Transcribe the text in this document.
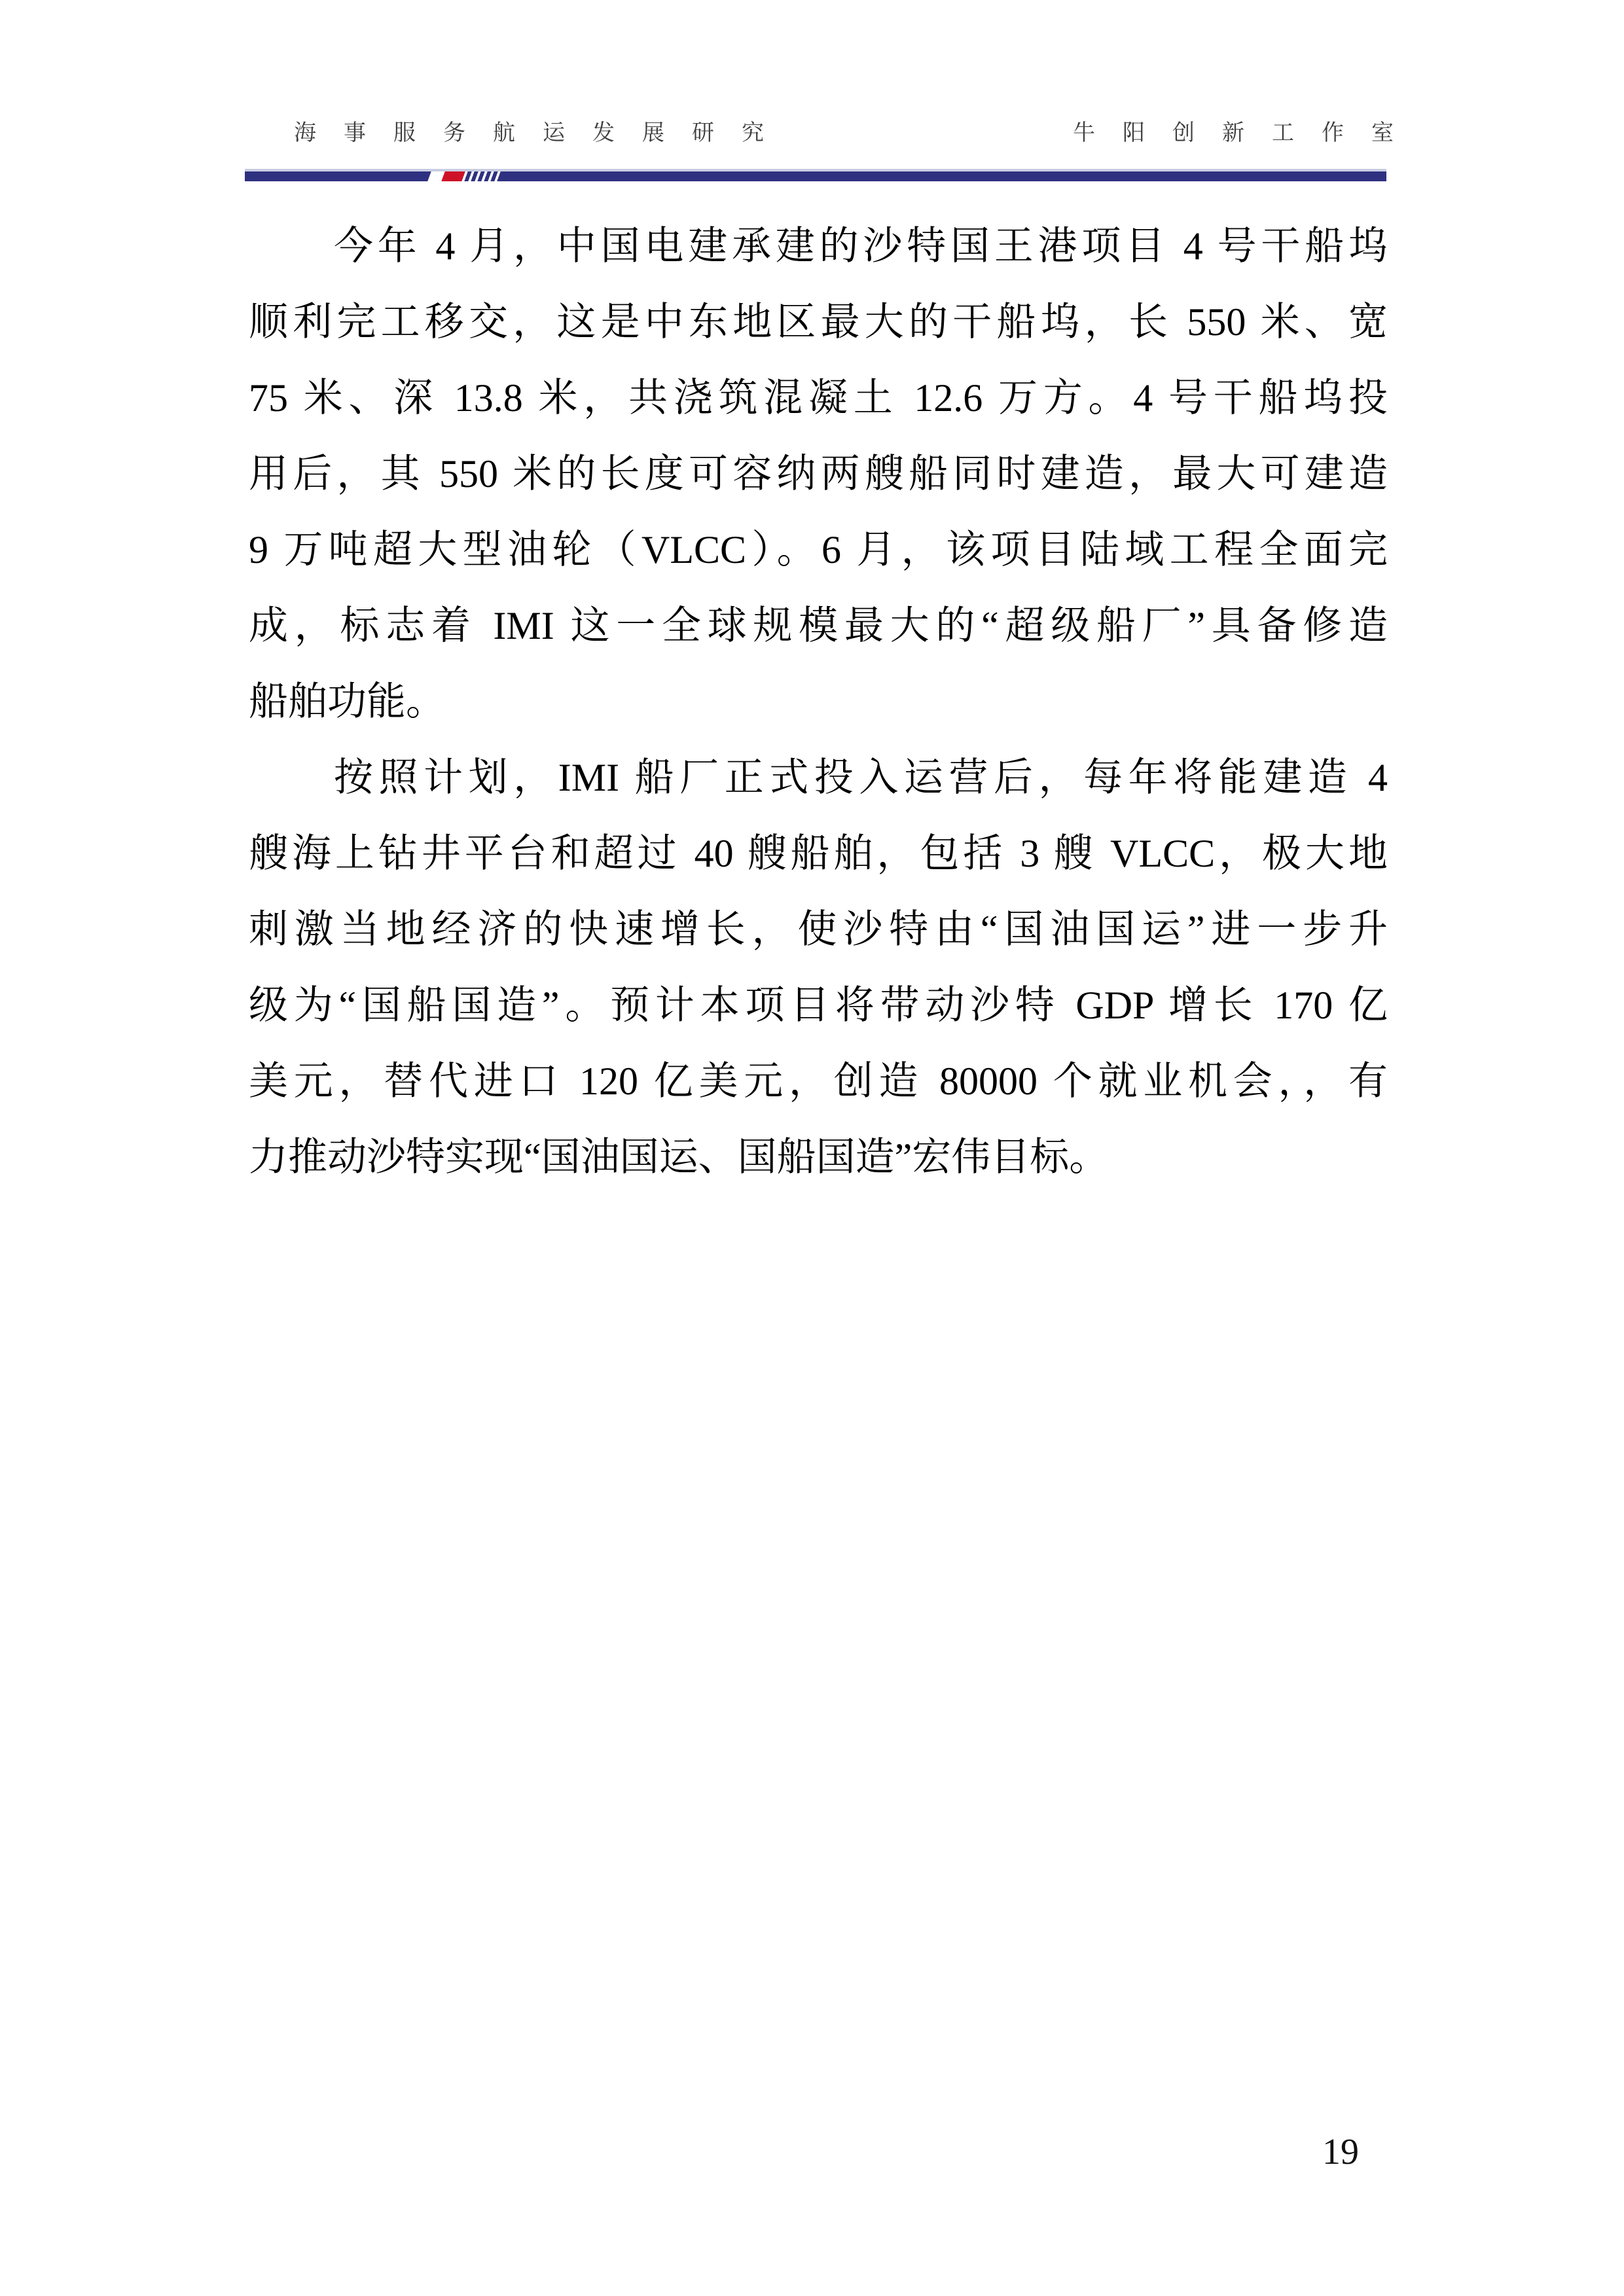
海事服务航运发展研究	牛阳创新工作室
今年 4 月，中国电建承建的沙特国王港项目 4 号干船坞
顺利完工移交，这是中东地区最大的干船坞，长 550 米、宽
75 米、深 13.8 米，共浇筑混凝土 12.6 万方。4 号干船坞投
用后，其 550 米的长度可容纳两艘船同时建造，最大可建造
9 万吨超大型油轮（VLCC）。6 月，该项目陆域工程全面完
成，标志着 IMI 这一全球规模最大的“超级船厂”具备修造
船舶功能。
按照计划，IMI 船厂正式投入运营后，每年将能建造 4
艘海上钻井平台和超过 40 艘船舶，包括 3 艘 VLCC，极大地
刺激当地经济的快速增长，使沙特由“国油国运”进一步升
级为“国船国造”。预计本项目将带动沙特 GDP 增长 170 亿
美元，替代进口 120 亿美元，创造 80000 个就业机会，，有
力推动沙特实现“国油国运、国船国造”宏伟目标。
19
